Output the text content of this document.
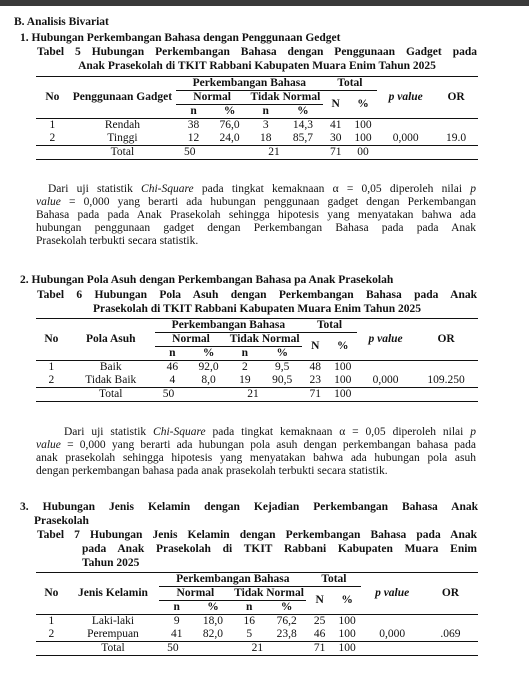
B. Analisis Bivariat
1. Hubungan Perkembangan Bahasa dengan Penggunaan Gedget
Tabel 5 Hubungan Perkembangan Bahasa dengan Penggunaan Gadget pada
Anak Prasekolah di TKIT Rabbani Kabupaten Muara Enim Tahun 2025
No	Penggunaan Gadget	Perkembangan Bahasa				Total		p value	OR
		Normal		Tidak Normal		N	%		
		n	%	n	%				
1	Rendah	38	76,0	3	14,3	41	100	0,000	19.0
2	Tinggi	12	24,0	18	85,7	30	100		
	Total	50		21		71	00		
Dari uji statistik Chi-Square pada tingkat kemaknaan α = 0,05 diperoleh nilai p
value = 0,000 yang berarti ada hubungan penggunaan gadget dengan Perkembangan
Bahasa pada pada Anak Prasekolah sehingga hipotesis yang menyatakan bahwa ada
hubungan penggunaan gadget dengan Perkembangan Bahasa pada pada Anak
Prasekolah terbukti secara statistik.
2. Hubungan Pola Asuh dengan Perkembangan Bahasa pa Anak Prasekolah
Tabel 6 Hubungan Pola Asuh dengan Perkembangan Bahasa pada Anak
Prasekolah di TKIT Rabbani Kabupaten Muara Enim Tahun 2025
No	Pola Asuh	Perkembangan Bahasa				Total		p value	OR
		Normal		Tidak Normal		N	%		
		n	%	n	%				
1	Baik	46	92,0	2	9,5	48	100	0,000	109.250
2	Tidak Baik	4	8,0	19	90,5	23	100		
	Total	50		21		71	100		
Dari uji statistik Chi-Square pada tingkat kemaknaan α = 0,05 diperoleh nilai p
value = 0,000 yang berarti ada hubungan pola asuh dengan perkembangan bahasa pada
anak prasekolah sehingga hipotesis yang menyatakan bahwa ada hubungan pola asuh
dengan perkembangan bahasa pada anak prasekolah terbukti secara statistik.
3. Hubungan Jenis Kelamin dengan Kejadian Perkembangan Bahasa Anak
Prasekolah
Tabel 7 Hubungan Jenis Kelamin dengan Perkembangan Bahasa pada Anak
pada Anak Prasekolah di TKIT Rabbani Kabupaten Muara Enim
Tahun 2025
No	Jenis Kelamin	Perkembangan Bahasa				Total		p value	OR
		Normal		Tidak Normal		N	%		
		n	%	n	%				
1	Laki-laki	9	18,0	16	76,2	25	100	0,000	.069
2	Perempuan	41	82,0	5	23,8	46	100		
	Total	50		21		71	100		
